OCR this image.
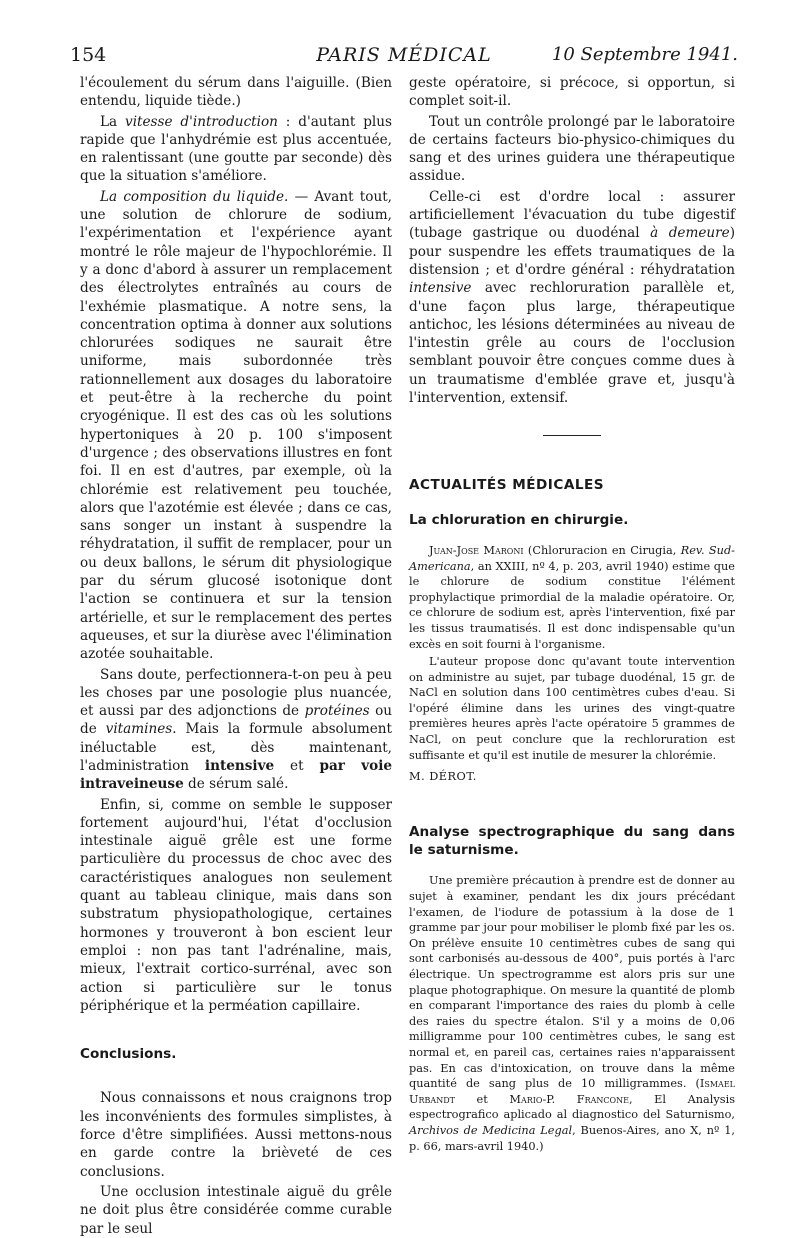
154	PARIS MÉDICAL	10 Septembre 1941.

l'écoulement du sérum dans l'aiguille. (Bien entendu, liquide tiède.)

La vitesse d'introduction : d'autant plus rapide que l'anhydrémie est plus accentuée, en ralentissant (une goutte par seconde) dès que la situation s'améliore.

La composition du liquide. — Avant tout, une solution de chlorure de sodium, l'expérimentation et l'expérience ayant montré le rôle majeur de l'hypochlorémie. Il y a donc d'abord à assurer un remplacement des électrolytes entraînés au cours de l'exhémie plasmatique. A notre sens, la concentration optima à donner aux solutions chlorurées sodiques ne saurait être uniforme, mais subordonnée très rationnellement aux dosages du laboratoire et peut-être à la recherche du point cryogénique. Il est des cas où les solutions hypertoniques à 20 p. 100 s'imposent d'urgence ; des observations illustres en font foi. Il en est d'autres, par exemple, où la chlorémie est relativement peu touchée, alors que l'azotémie est élevée ; dans ce cas, sans songer un instant à suspendre la réhydratation, il suffit de remplacer, pour un ou deux ballons, le sérum dit physiologique par du sérum glucosé isotonique dont l'action se continuera et sur la tension artérielle, et sur le remplacement des pertes aqueuses, et sur la diurèse avec l'élimination azotée souhaitable.

Sans doute, perfectionnera-t-on peu à peu les choses par une posologie plus nuancée, et aussi par des adjonctions de protéines ou de vitamines. Mais la formule absolument inéluctable est, dès maintenant, l'administration intensive et par voie intraveineuse de sérum salé.

Enfin, si, comme on semble le supposer fortement aujourd'hui, l'état d'occlusion intestinale aiguë grêle est une forme particulière du processus de choc avec des caractéristiques analogues non seulement quant au tableau clinique, mais dans son substratum physiopathologique, certaines hormones y trouveront à bon escient leur emploi : non pas tant l'adrénaline, mais, mieux, l'extrait cortico-surrénal, avec son action si particulière sur le tonus périphérique et la perméation capillaire.

Conclusions.

Nous connaissons et nous craignons trop les inconvénients des formules simplistes, à force d'être simplifiées. Aussi mettons-nous en garde contre la brièveté de ces conclusions.

Une occlusion intestinale aiguë du grêle ne doit plus être considérée comme curable par le seul

geste opératoire, si précoce, si opportun, si complet soit-il.

Tout un contrôle prolongé par le laboratoire de certains facteurs bio-physico-chimiques du sang et des urines guidera une thérapeutique assidue.

Celle-ci est d'ordre local : assurer artificiellement l'évacuation du tube digestif (tubage gastrique ou duodénal à demeure) pour suspendre les effets traumatiques de la distension ; et d'ordre général : réhydratation intensive avec rechloruration parallèle et, d'une façon plus large, thérapeutique antichoc, les lésions déterminées au niveau de l'intestin grêle au cours de l'occlusion semblant pouvoir être conçues comme dues à un traumatisme d'emblée grave et, jusqu'à l'intervention, extensif.

ACTUALITÉS MÉDICALES

La chloruration en chirurgie.

Juan-Jose Maroni (Chloruracion en Cirugia, Rev. Sud-Americana, an XXIII, nº 4, p. 203, avril 1940) estime que le chlorure de sodium constitue l'élément prophylactique primordial de la maladie opératoire. Or, ce chlorure de sodium est, après l'intervention, fixé par les tissus traumatisés. Il est donc indispensable qu'un excès en soit fourni à l'organisme.

L'auteur propose donc qu'avant toute intervention on administre au sujet, par tubage duodénal, 15 gr. de NaCl en solution dans 100 centimètres cubes d'eau. Si l'opéré élimine dans les urines des vingt-quatre premières heures après l'acte opératoire 5 grammes de NaCl, on peut conclure que la rechloruration est suffisante et qu'il est inutile de mesurer la chlorémie.

M. DÉROT.

Analyse spectrographique du sang dans le saturnisme.

Une première précaution à prendre est de donner au sujet à examiner, pendant les dix jours précédant l'examen, de l'iodure de potassium à la dose de 1 gramme par jour pour mobiliser le plomb fixé par les os. On prélève ensuite 10 centimètres cubes de sang qui sont carbonisés au-dessous de 400°, puis portés à l'arc électrique. Un spectrogramme est alors pris sur une plaque photographique. On mesure la quantité de plomb en comparant l'importance des raies du plomb à celle des raies du spectre étalon. S'il y a moins de 0,06 milligramme pour 100 centimètres cubes, le sang est normal et, en pareil cas, certaines raies n'apparaissent pas. En cas d'intoxication, on trouve dans la même quantité de sang plus de 10 milligrammes. (Ismael Urbandt et Mario-P. Francone, El Analysis espectrografico aplicado al diagnostico del Saturnismo, Archivos de Medicina Legal, Buenos-Aires, ano X, nº 1, p. 66, mars-avril 1940.)
